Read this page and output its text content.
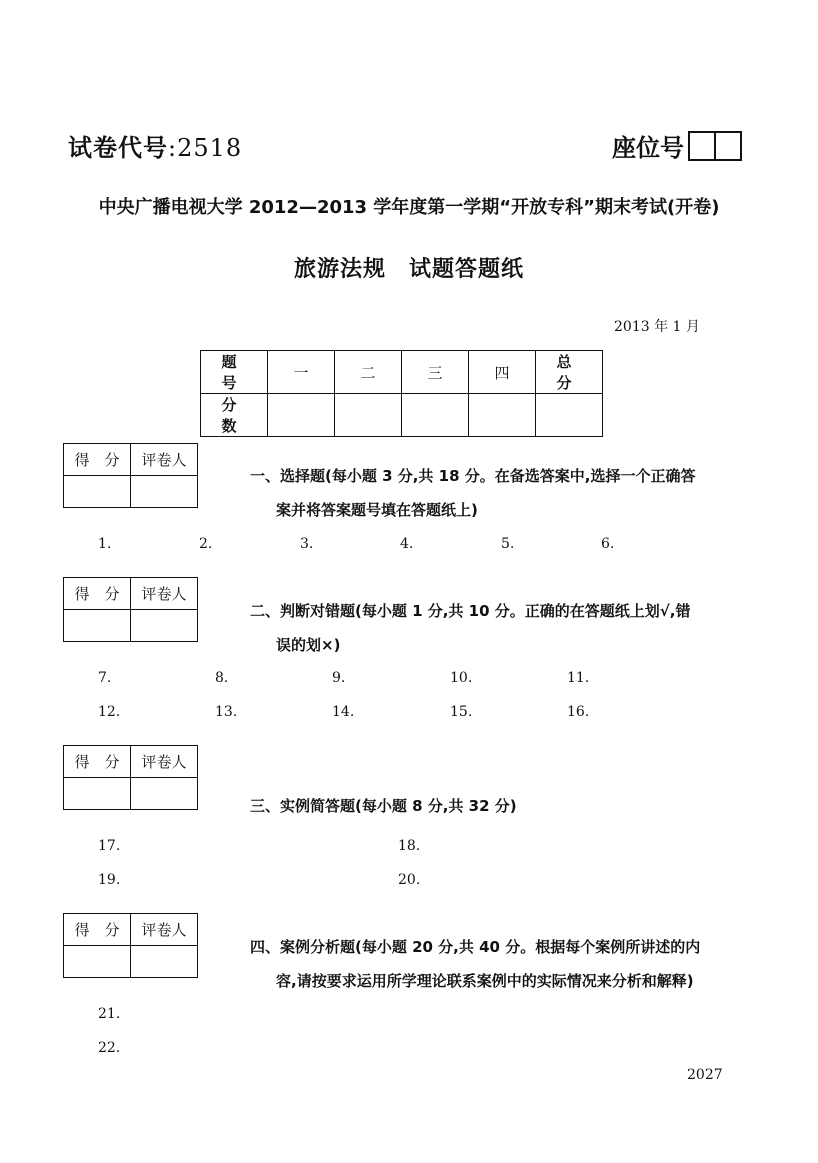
试卷代号:2518	座位号
中央广播电视大学 2012—2013 学年度第一学期“开放专科”期末考试(开卷)
旅游法规　试题答题纸
2013 年 1 月
题　号	一	二	三	四	总　分
分　数					
得　分	评卷人

一、选择题(每小题 3 分,共 18 分。在备选答案中,选择一个正确答
案并将答案题号填在答题纸上)
1.	2.	3.	4.	5.	6.
得　分	评卷人

二、判断对错题(每小题 1 分,共 10 分。正确的在答题纸上划√,错
误的划×)
7.	8.	9.	10.	11.
12.	13.	14.	15.	16.
得　分	评卷人

三、实例简答题(每小题 8 分,共 32 分)
17.	18.
19.	20.
得　分	评卷人

四、案例分析题(每小题 20 分,共 40 分。根据每个案例所讲述的内
容,请按要求运用所学理论联系案例中的实际情况来分析和解释)
21.
22.
2027
